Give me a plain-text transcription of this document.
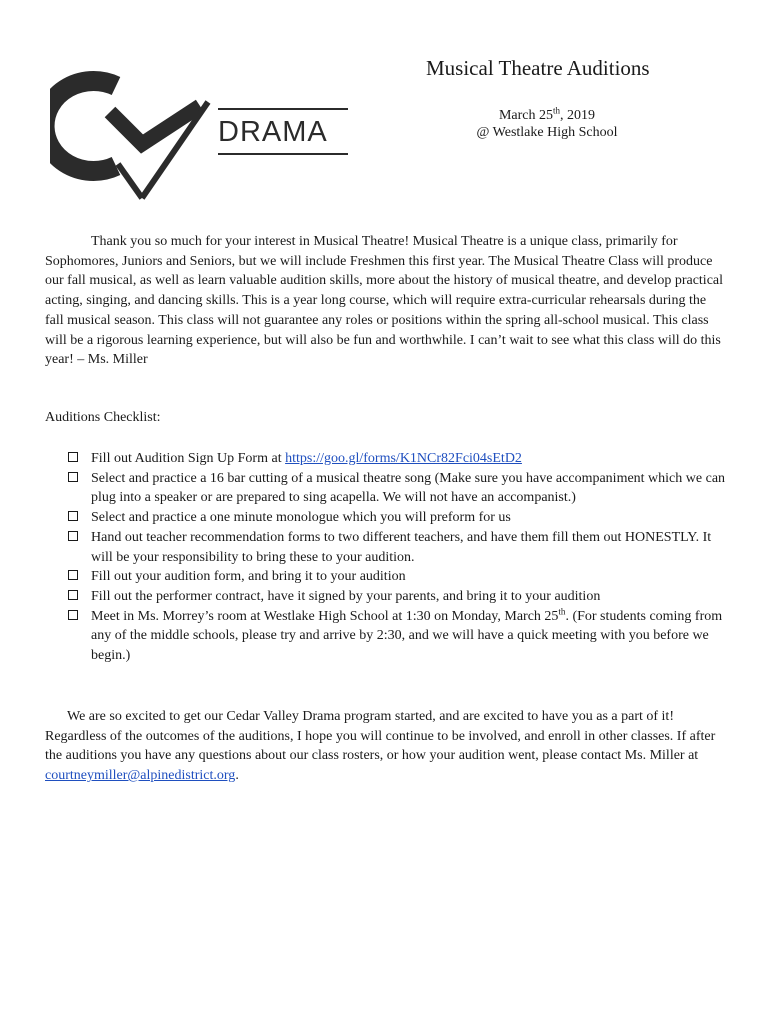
DRAMA
Musical Theatre Auditions
March 25th, 2019
@ Westlake High School

Thank you so much for your interest in Musical Theatre! Musical Theatre is a unique class, primarily for Sophomores, Juniors and Seniors, but we will include Freshmen this first year. The Musical Theatre Class will produce our fall musical, as well as learn valuable audition skills, more about the history of musical theatre, and develop practical acting, singing, and dancing skills. This is a year long course, which will require extra-curricular rehearsals during the fall musical season. This class will not guarantee any roles or positions within the spring all-school musical. This class will be a rigorous learning experience, but will also be fun and worthwhile. I can’t wait to see what this class will do this year! – Ms. Miller

Auditions Checklist:
Fill out Audition Sign Up Form at https://goo.gl/forms/K1NCr82Fci04sEtD2
Select and practice a 16 bar cutting of a musical theatre song (Make sure you have accompaniment which we can plug into a speaker or are prepared to sing acapella. We will not have an accompanist.)
Select and practice a one minute monologue which you will preform for us
Hand out teacher recommendation forms to two different teachers, and have them fill them out HONESTLY. It will be your responsibility to bring these to your audition.
Fill out your audition form, and bring it to your audition
Fill out the performer contract, have it signed by your parents, and bring it to your audition
Meet in Ms. Morrey’s room at Westlake High School at 1:30 on Monday, March 25th. (For students coming from any of the middle schools, please try and arrive by 2:30, and we will have a quick meeting with you before we begin.)

We are so excited to get our Cedar Valley Drama program started, and are excited to have you as a part of it! Regardless of the outcomes of the auditions, I hope you will continue to be involved, and enroll in other classes. If after the auditions you have any questions about our class rosters, or how your audition went, please contact Ms. Miller at courtneymiller@alpinedistrict.org.
